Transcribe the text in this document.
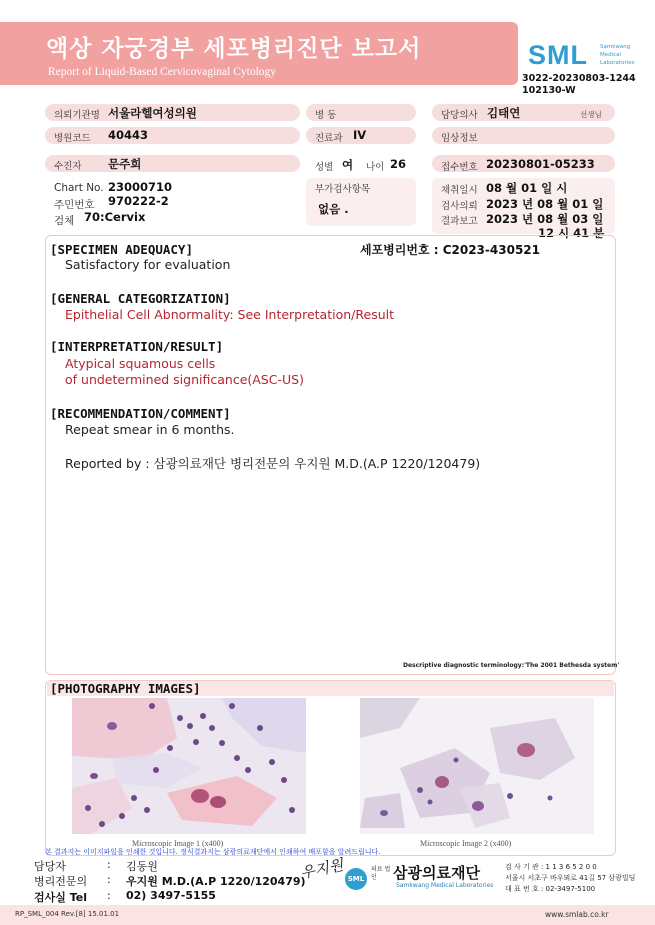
액상 자궁경부 세포병리진단 보고서
Report of Liquid-Based Cervicovaginal Cytology
SML Samkwang Medical Laboratories
3022-20230803-1244
102130-W
의뢰기관명 서울라헬여성의원	병 동	담당의사 김태연	선생님
병원코드 40443	진료과 IV	임상정보
수진자 문주희	성별 여 나이 26	접수번호 20230801-05233
Chart No. 23000710
주민번호 970222-2
검체 70:Cervix
부가검사항목
없음 .
채취일시 08 월 01 일 시
검사의뢰 2023 년 08 월 01 일
결과보고 2023 년 08 월 03 일
12 시 41 분
세포병리번호 : C2023-430521
[SPECIMEN ADEQUACY]
Satisfactory for evaluation
[GENERAL CATEGORIZATION]
Epithelial Cell Abnormality: See Interpretation/Result
[INTERPRETATION/RESULT]
Atypical squamous cells
of undetermined significance(ASC-US)
[RECOMMENDATION/COMMENT]
Repeat smear in 6 months.
Reported by : 삼광의료재단 병리전문의 우지원 M.D.(A.P 1220/120479)
Descriptive diagnostic terminology:'The 2001 Bethesda system'
[PHOTOGRAPHY IMAGES]
Microscopic Image 1 (x400)	Microscopic Image 2 (x400)
본 결과지는 이미지파일을 인쇄한 것입니다. 정식결과지는 삼광의료재단에서 인쇄하여 배포함을 알려드립니다.
담당자	: 김동원
병리전문의 : 우지원 M.D.(A.P 1220/120479)
검사실 Tel : 02) 3497-5155
우지원 SML
의료 법인	삼광의료재단
Samkwang Medical Laboratories
검 사 기 관 : 1 1 3 6 5 2 0 0
서울시 서초구 바우뫼로 41길 57 삼광빌딩
대 표 번 호 : 02-3497-5100
RP_SML_004 Rev.[8] 15.01.01	www.smlab.co.kr
